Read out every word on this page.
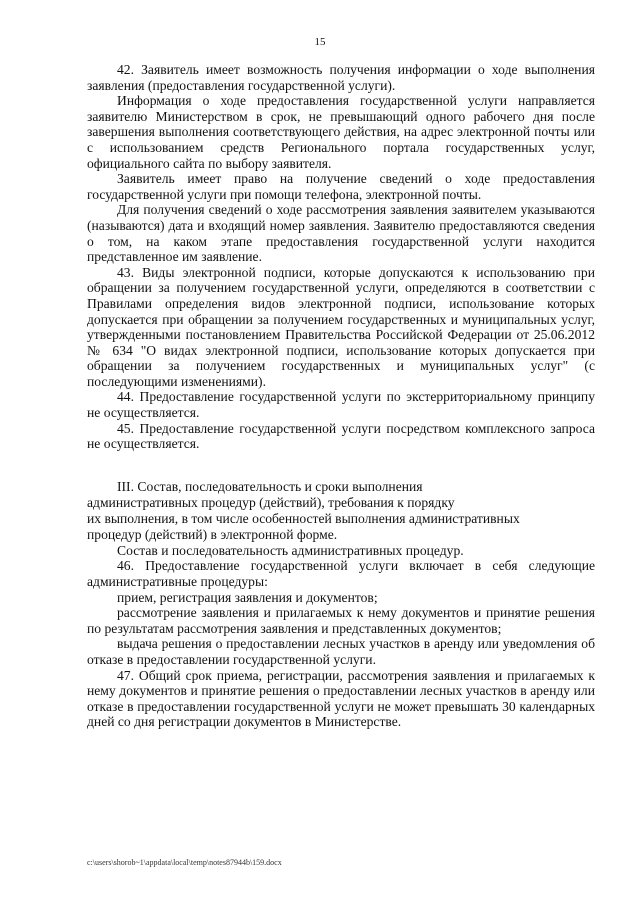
15

42. Заявитель имеет возможность получения информации о ходе выполнения заявления (предоставления государственной услуги).

Информация о ходе предоставления государственной услуги направляется заявителю Министерством в срок, не превышающий одного рабочего дня после завершения выполнения соответствующего действия, на адрес электронной почты или с использованием средств Регионального портала государственных услуг, официального сайта по выбору заявителя.

Заявитель имеет право на получение сведений о ходе предоставления государственной услуги при помощи телефона, электронной почты.

Для получения сведений о ходе рассмотрения заявления заявителем указываются (называются) дата и входящий номер заявления. Заявителю предоставляются сведения о том, на каком этапе предоставления государственной услуги находится представленное им заявление.

43. Виды электронной подписи, которые допускаются к использованию при обращении за получением государственной услуги, определяются в соответствии с Правилами определения видов электронной подписи, использование которых допускается при обращении за получением государственных и муниципальных услуг, утвержденными постановлением Правительства Российской Федерации от 25.06.2012 № 634 "О видах электронной подписи, использование которых допускается при обращении за получением государственных и муниципальных услуг" (с последующими изменениями).

44. Предоставление государственной услуги по экстерриториальному принципу не осуществляется.

45. Предоставление государственной услуги посредством комплексного запроса не осуществляется.

III. Состав, последовательность и сроки выполнения
административных процедур (действий), требования к порядку
их выполнения, в том числе особенностей выполнения административных
процедур (действий) в электронной форме.

Состав и последовательность административных процедур.

46. Предоставление государственной услуги включает в себя следующие административные процедуры:

прием, регистрация заявления и документов;

рассмотрение заявления и прилагаемых к нему документов и принятие решения по результатам рассмотрения заявления и представленных документов;

выдача решения о предоставлении лесных участков в аренду или уведомления об отказе в предоставлении государственной услуги.

47. Общий срок приема, регистрации, рассмотрения заявления и прилагаемых к нему документов и принятие решения о предоставлении лесных участков в аренду или отказе в предоставлении государственной услуги не может превышать 30 календарных дней со дня регистрации документов в Министерстве.

c:\users\shorob~1\appdata\local\temp\notes87944b\159.docx
